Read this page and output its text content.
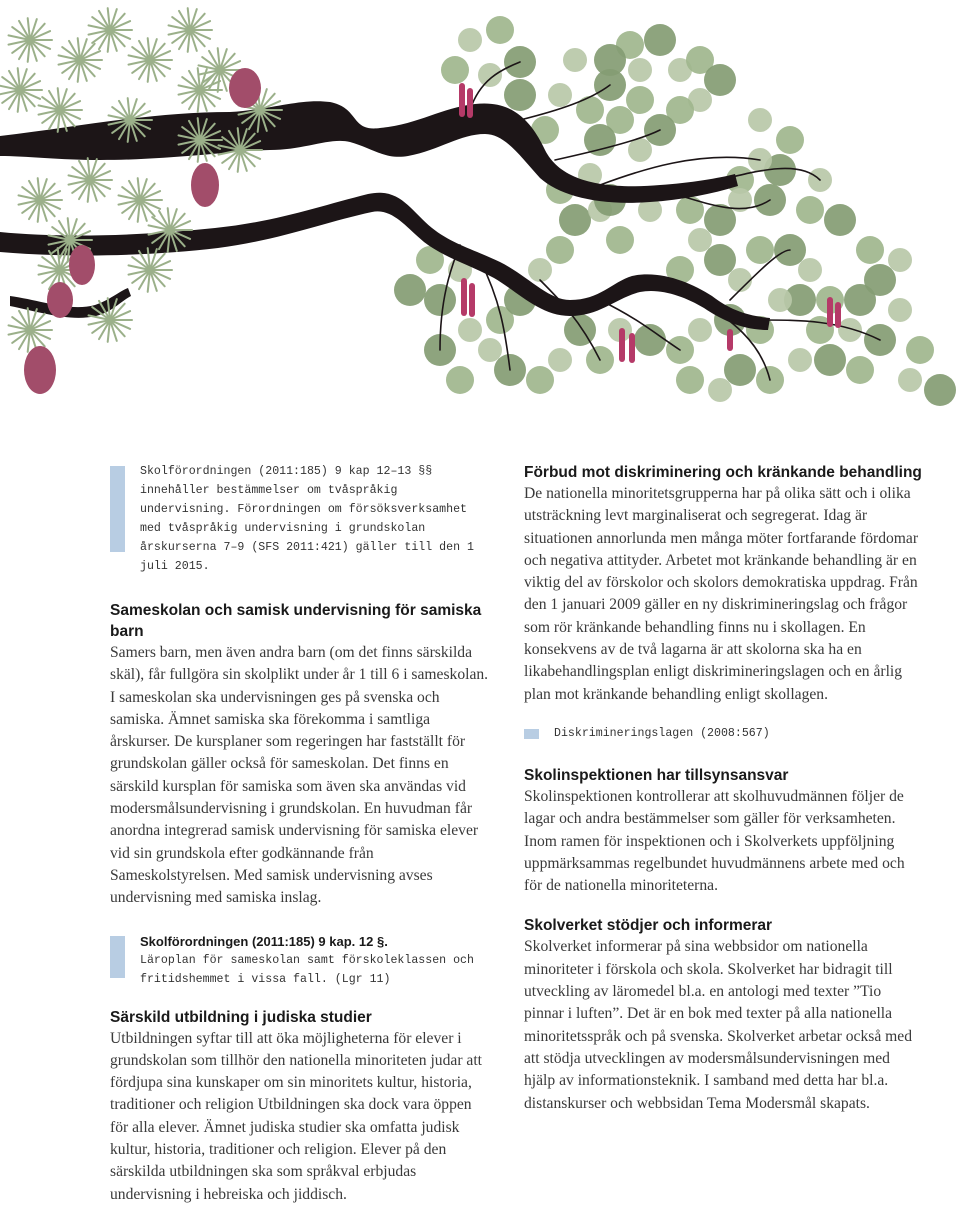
Skolförordningen (2011:185) 9 kap 12–13 §§ innehåller bestämmelser om tvåspråkig undervisning. Förordningen om försöksverksamhet med tvåspråkig undervisning i grundskolan årskurserna 7–9 (SFS 2011:421) gäller till den 1 juli 2015.
Sameskolan och samisk undervisning för samiska barn

Samers barn, men även andra barn (om det finns särskilda skäl), får fullgöra sin skolplikt under år 1 till 6 i sameskolan. I sameskolan ska undervisningen ges på svenska och samiska. Ämnet samiska ska förekomma i samtliga årskurser. De kursplaner som regeringen har fastställt för grundskolan gäller också för sameskolan. Det finns en särskild kursplan för samiska som även ska användas vid modersmålsundervisning i grundskolan. En huvudman får anordna integrerad samisk undervisning för samiska elever vid sin grundskola efter godkännande från Sameskolstyrelsen. Med samisk undervisning avses undervisning med samiska inslag.

Skolförordningen (2011:185) 9 kap. 12 §.
Läroplan för sameskolan samt förskoleklassen och fritidshemmet i vissa fall. (Lgr 11)
Särskild utbildning i judiska studier

Utbildningen syftar till att öka möjligheterna för elever i grundskolan som tillhör den nationella minoriteten judar att fördjupa sina kunskaper om sin minoritets kultur, historia, traditioner och religion Utbildningen ska dock vara öppen för alla elever. Ämnet judiska studier ska omfatta judisk kultur, historia, traditioner och religion. Elever på den särskilda utbildningen ska som språkval erbjudas undervisning i hebreiska och jiddisch.

Förbud mot diskriminering och kränkande behandling

De nationella minoritetsgrupperna har på olika sätt och i olika utsträckning levt marginaliserat och segregerat. Idag är situationen annorlunda men många möter fortfarande fördomar och negativa attityder. Arbetet mot kränkande behandling är en viktig del av förskolor och skolors demokratiska uppdrag. Från den 1 januari 2009 gäller en ny diskrimineringslag och frågor som rör kränkande behandling finns nu i skollagen. En konsekvens av de två lagarna är att skolorna ska ha en likabehandlingsplan enligt diskrimineringslagen och en årlig plan mot kränkande behandling enligt skollagen.

Diskrimineringslagen (2008:567)
Skolinspektionen har tillsynsansvar

Skolinspektionen kontrollerar att skolhuvudmännen följer de lagar och andra bestämmelser som gäller för verksamheten. Inom ramen för inspektionen och i Skolverkets uppföljning uppmärksammas regelbundet huvudmännens arbete med och för de nationella minoriteterna.

Skolverket stödjer och informerar

Skolverket informerar på sina webbsidor om nationella minoriteter i förskola och skola. Skolverket har bidragit till utveckling av läromedel bl.a. en antologi med texter ”Tio pinnar i luften”. Det är en bok med texter på alla nationella minoritetsspråk och på svenska. Skolverket arbetar också med att stödja utvecklingen av modersmålsundervisningen med hjälp av informationsteknik. I samband med detta har bl.a. distanskurser och webbsidan Tema Modersmål skapats.
